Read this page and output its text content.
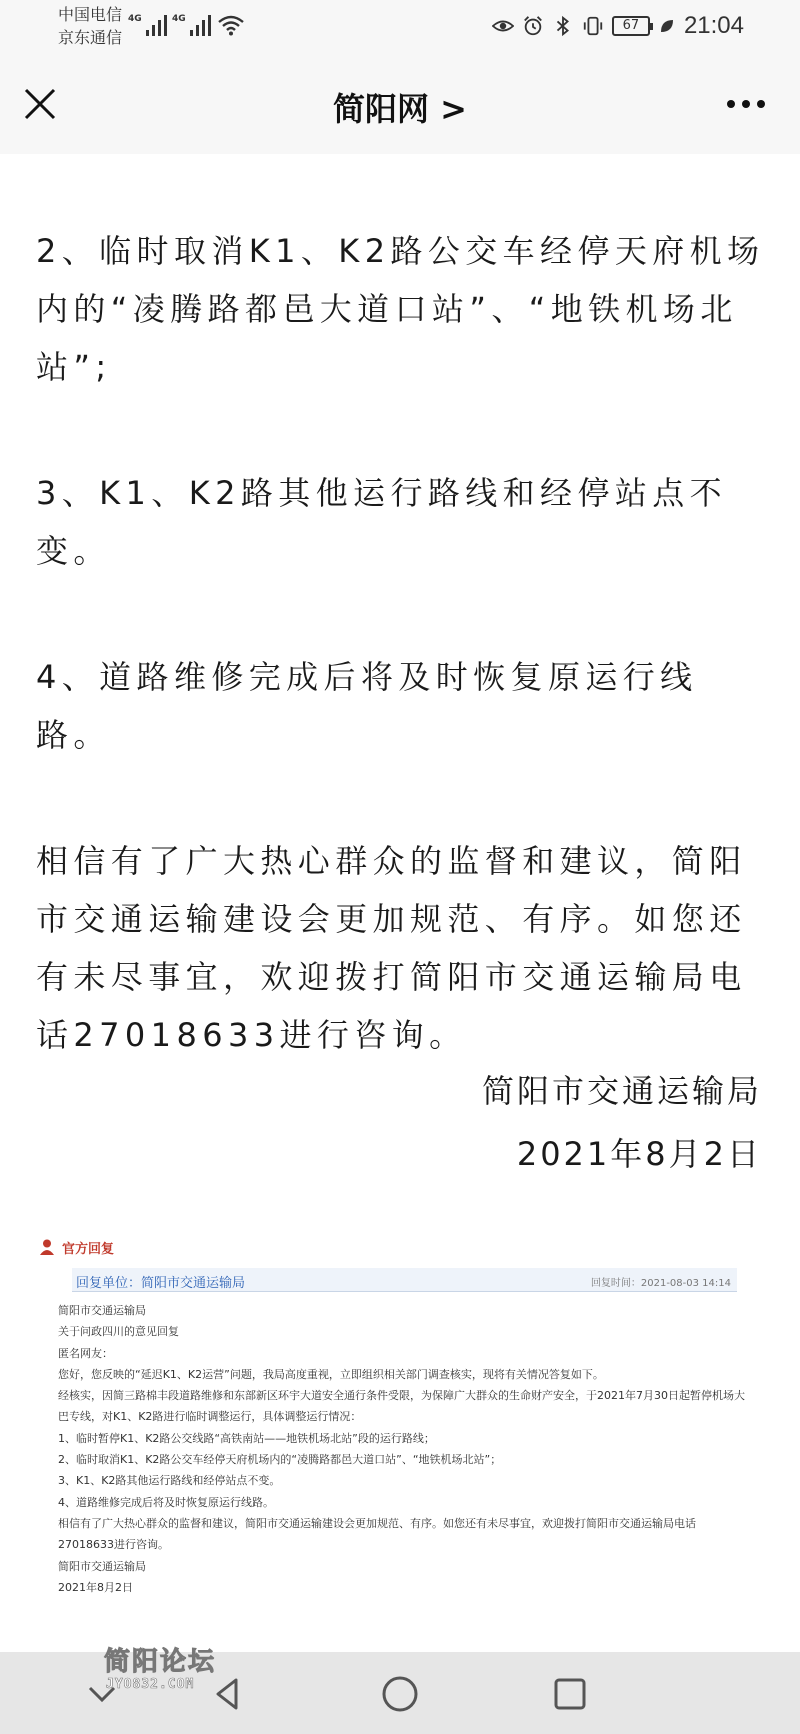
中国电信
京东通信
4G	4G	67	21:04
简阳网 >

2、临时取消K1、K2路公交车经停天府机场内的“凌腾路都邑大道口站”、“地铁机场北站”;

3、K1、K2路其他运行路线和经停站点不变。

4、道路维修完成后将及时恢复原运行线路。

相信有了广大热心群众的监督和建议，简阳市交通运输建设会更加规范、有序。如您还有未尽事宜，欢迎拨打简阳市交通运输局电话27018633进行咨询。

简阳市交通运输局
2021年8月2日
官方回复
回复单位：简阳市交通运输局	回复时间：2021-08-03 14:14
简阳市交通运输局
关于问政四川的意见回复
匿名网友：
您好，您反映的“延迟K1、K2运营”问题，我局高度重视，立即组织相关部门调查核实，现将有关情况答复如下。
经核实，因简三路棉丰段道路维修和东部新区环宇大道安全通行条件受限，为保障广大群众的生命财产安全，于2021年7月30日起暂停机场大巴专线，对K1、K2路进行临时调整运行，具体调整运行情况：
1、临时暂停K1、K2路公交线路“高铁南站——地铁机场北站”段的运行路线；
2、临时取消K1、K2路公交车经停天府机场内的“凌腾路都邑大道口站”、“地铁机场北站”；
3、K1、K2路其他运行路线和经停站点不变。
4、道路维修完成后将及时恢复原运行线路。
相信有了广大热心群众的监督和建议，简阳市交通运输建设会更加规范、有序。如您还有未尽事宜，欢迎拨打简阳市交通运输局电话27018633进行咨询。
简阳市交通运输局
2021年8月2日
简阳论坛
JYO832.COM
